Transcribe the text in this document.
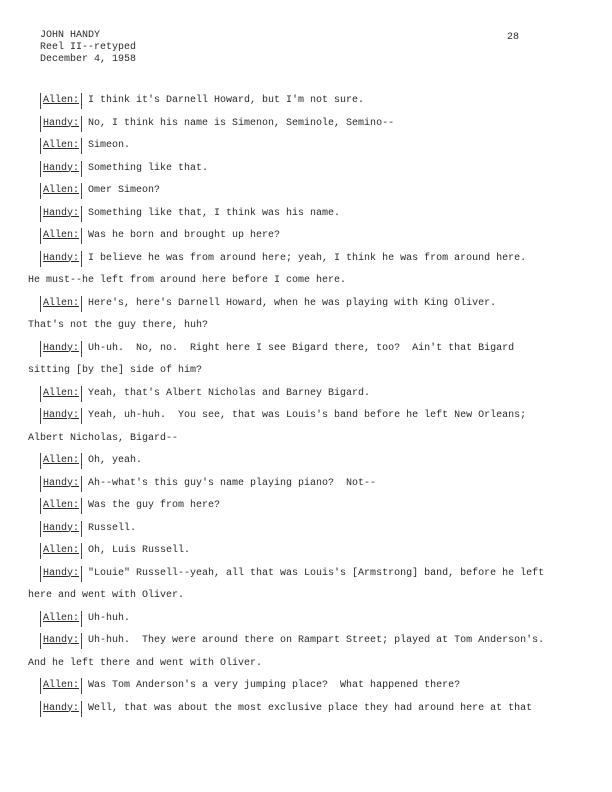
JOHN HANDY
Reel II--retyped
December 4, 1958
28
Allen: I think it's Darnell Howard, but I'm not sure.
Handy: No, I think his name is Simenon, Seminole, Semino--
Allen: Simeon.
Handy: Something like that.
Allen: Omer Simeon?
Handy: Something like that, I think was his name.
Allen: Was he born and brought up here?
Handy: I believe he was from around here; yeah, I think he was from around here.
He must--he left from around here before I come here.
Allen: Here's, here's Darnell Howard, when he was playing with King Oliver.
That's not the guy there, huh?
Handy: Uh-uh.  No, no.  Right here I see Bigard there, too?  Ain't that Bigard
sitting [by the] side of him?
Allen: Yeah, that's Albert Nicholas and Barney Bigard.
Handy: Yeah, uh-huh.  You see, that was Louis's band before he left New Orleans;
Albert Nicholas, Bigard--
Allen: Oh, yeah.
Handy: Ah--what's this guy's name playing piano?  Not--
Allen: Was the guy from here?
Handy: Russell.
Allen: Oh, Luis Russell.
Handy: "Louie" Russell--yeah, all that was Louis's [Armstrong] band, before he left
here and went with Oliver.
Allen: Uh-huh.
Handy: Uh-huh.  They were around there on Rampart Street; played at Tom Anderson's.
And he left there and went with Oliver.
Allen: Was Tom Anderson's a very jumping place?  What happened there?
Handy: Well, that was about the most exclusive place they had around here at that
